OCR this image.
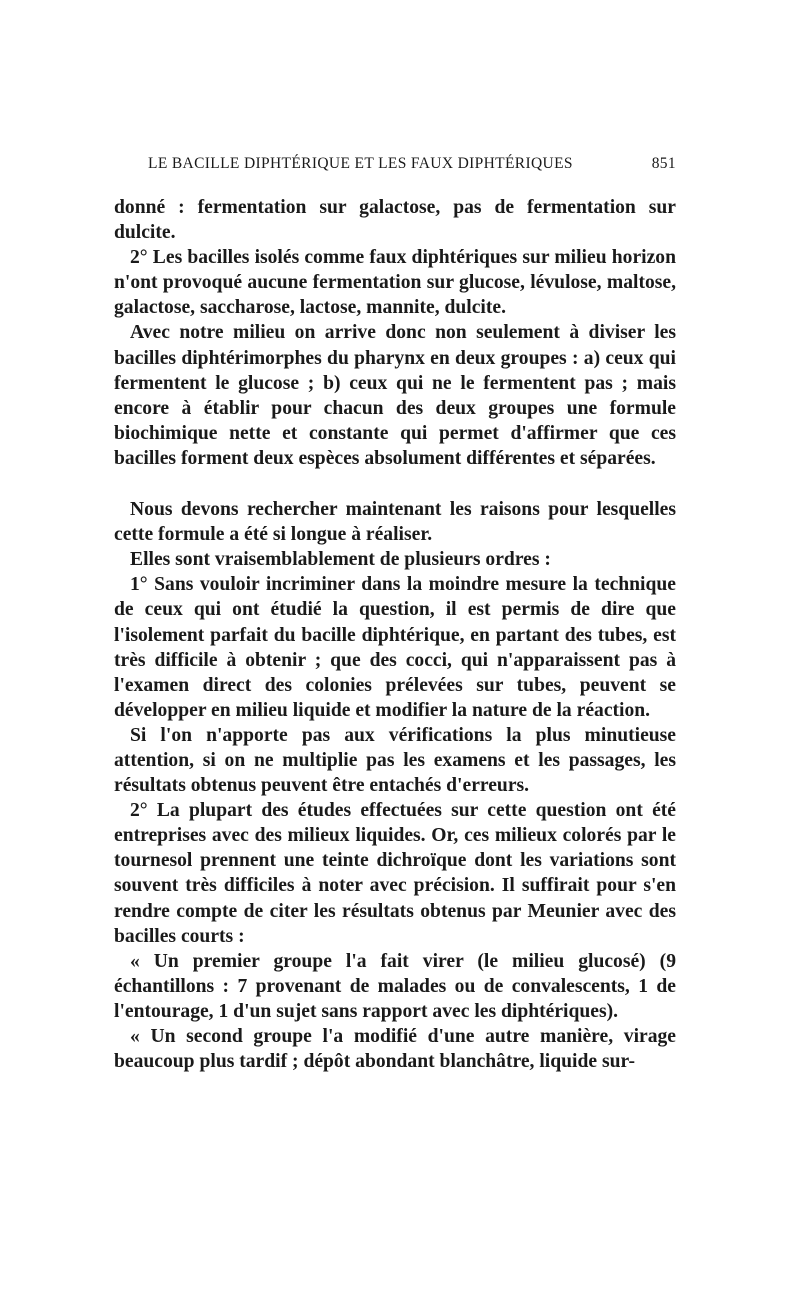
LE BACILLE DIPHTÉRIQUE ET LES FAUX DIPHTÉRIQUES	851

donné : fermentation sur galactose, pas de fermentation sur dulcite.

2° Les bacilles isolés comme faux diphtériques sur milieu horizon n'ont provoqué aucune fermentation sur glucose, lévulose, maltose, galactose, saccharose, lactose, mannite, dulcite.

Avec notre milieu on arrive donc non seulement à diviser les bacilles diphtérimorphes du pharynx en deux groupes : a) ceux qui fermentent le glucose ; b) ceux qui ne le fermentent pas ; mais encore à établir pour chacun des deux groupes une formule biochimique nette et constante qui permet d'affirmer que ces bacilles forment deux espèces absolument différentes et séparées.

Nous devons rechercher maintenant les raisons pour lesquelles cette formule a été si longue à réaliser.

Elles sont vraisemblablement de plusieurs ordres :

1° Sans vouloir incriminer dans la moindre mesure la technique de ceux qui ont étudié la question, il est permis de dire que l'isolement parfait du bacille diphtérique, en partant des tubes, est très difficile à obtenir ; que des cocci, qui n'apparaissent pas à l'examen direct des colonies prélevées sur tubes, peuvent se développer en milieu liquide et modifier la nature de la réaction.

Si l'on n'apporte pas aux vérifications la plus minutieuse attention, si on ne multiplie pas les examens et les passages, les résultats obtenus peuvent être entachés d'erreurs.

2° La plupart des études effectuées sur cette question ont été entreprises avec des milieux liquides. Or, ces milieux colorés par le tournesol prennent une teinte dichroïque dont les variations sont souvent très difficiles à noter avec précision. Il suffirait pour s'en rendre compte de citer les résultats obtenus par Meunier avec des bacilles courts :

« Un premier groupe l'a fait virer (le milieu glucosé) (9 échantillons : 7 provenant de malades ou de convalescents, 1 de l'entourage, 1 d'un sujet sans rapport avec les diphtériques).

« Un second groupe l'a modifié d'une autre manière, virage beaucoup plus tardif ; dépôt abondant blanchâtre, liquide sur-
